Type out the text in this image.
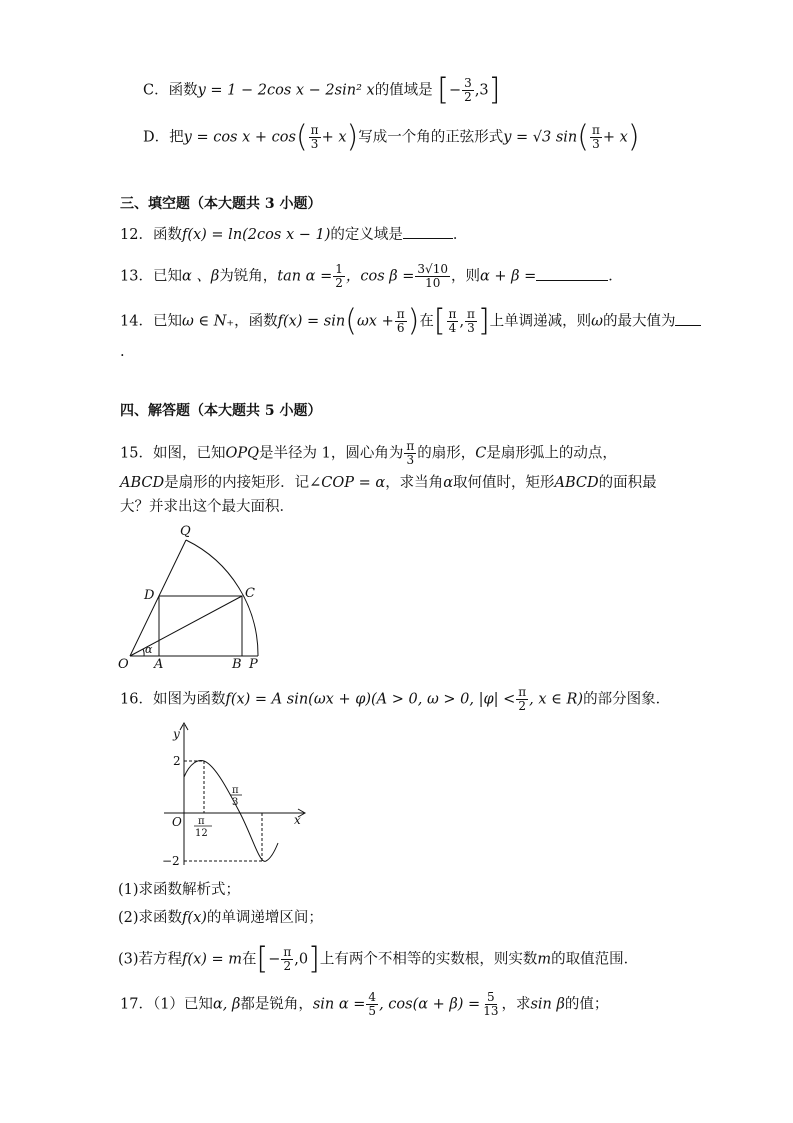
C．函数y = 1 − 2cos x − 2sin² x的值域是 [− $\frac{3}{2} ,3$]
D．把$y = \cos x + \cos( \frac{\pi}{3} + x)$写成一个角的正弦形式y = √3 $\sin( \frac{\pi}{3} + x)$
三、填空题（本大题共 3 小题）
12．函数f(x) = ln(2cos x − 1)的定义域是	．
13．已知α 、β为锐角，$\tan \alpha = \frac{1}{2}$ ，$\cos \beta = \frac{3√10}{10}$ ，则α + β =	．
14．已知ω ∈ N₊，函数$f(x) = \sin(\omega x + \frac{\pi}{6}$ )在[ $\frac{\pi}{4}$ , $\frac{\pi}{3}$ ]上单调递减，则ω的最大值为
.
四、解答题（本大题共 5 小题）
15．如图，已知OPQ是半径为 1，圆心角为 $\frac{\pi}{3}$ 的扇形，C是扇形弧上的动点，
ABCD是扇形的内接矩形．记∠COP = α，求当角α取何值时，矩形ABCD的面积最
大？并求出这个最大面积．
Q
D	C
O A	B P
α
16．如图为函数f(x) = A sin(ωx + φ)(A > 0, ω > 0, $|\varphi| < \frac{\pi}{2}$ , x ∈ R)的部分图象．
y
x
O
2
−2
π
12
π
3
(1)求函数解析式；
(2)求函数f(x)的单调递增区间；
(3)若方程f(x) = m在[− $\frac{\pi}{2} ,0$]上有两个不相等的实数根，则实数m的取值范围．
17．（1）已知α, β都是锐角，$\sin \alpha = \frac{4}{5}$ , $\cos(\alpha + \beta) = \frac{5}{13}$ ，求sin β的值；
